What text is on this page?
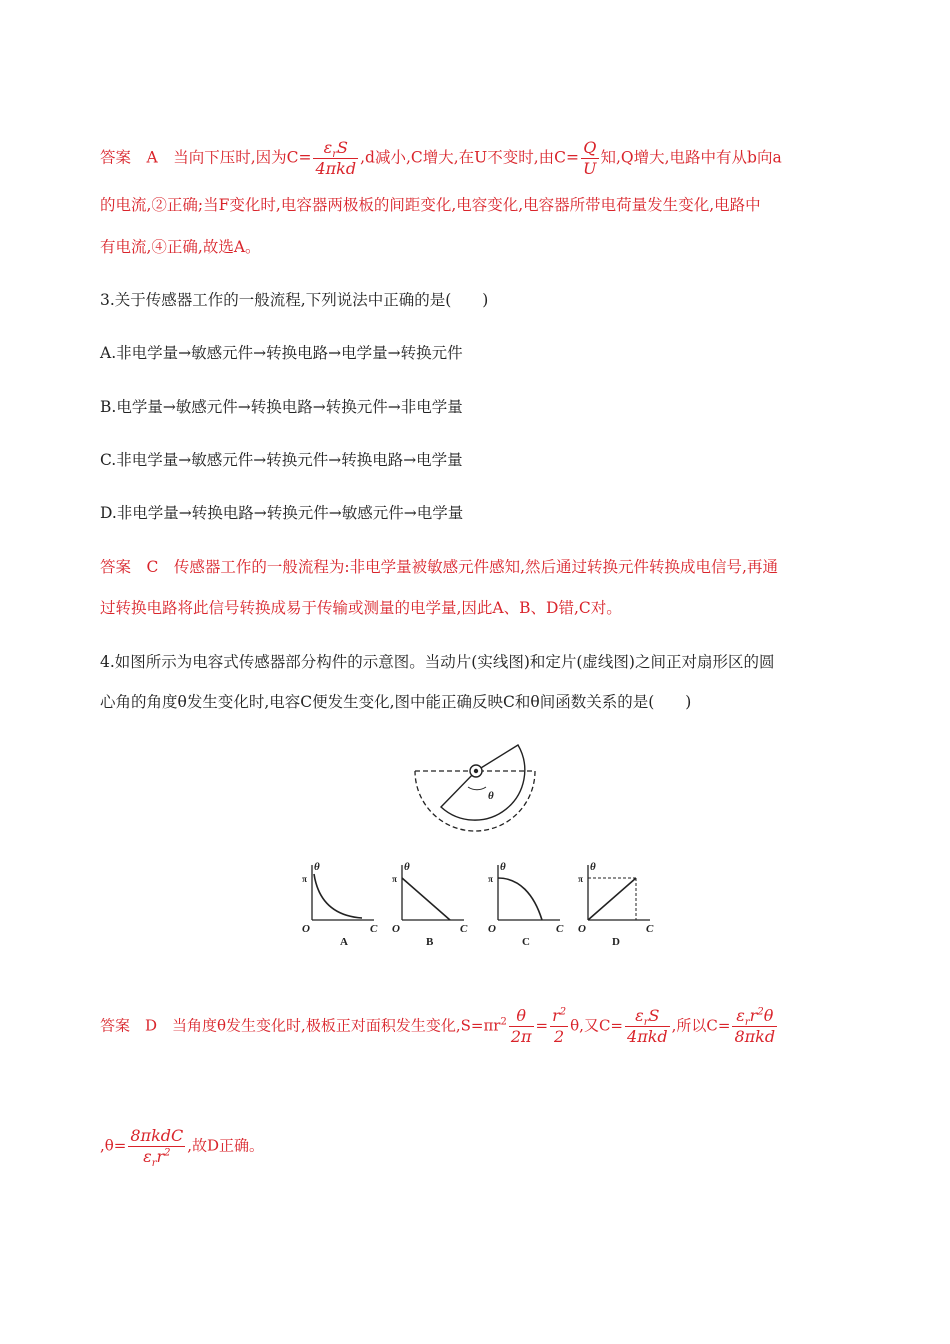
答案　A　当向下压时,因为$C= \frac{\varepsilon_rS}{\text{4πkd}} ,d$减小,C增大,在U不变时,由$C= \frac{Q}{U}$ 知,Q增大,电路中有从b向a
的电流,②正确;当F变化时,电容器两极板的间距变化,电容变化,电容器所带电荷量发生变化,电路中
有电流,④正确,故选A。
3.关于传感器工作的一般流程,下列说法中正确的是(　　)
A.非电学量→敏感元件→转换电路→电学量→转换元件
B.电学量→敏感元件→转换电路→转换元件→非电学量
C.非电学量→敏感元件→转换元件→转换电路→电学量
D.非电学量→转换电路→转换元件→敏感元件→电学量
答案　C　传感器工作的一般流程为:非电学量被敏感元件感知,然后通过转换元件转换成电信号,再通
过转换电路将此信号转换成易于传输或测量的电学量,因此A、B、D错,C对。
4.如图所示为电容式传感器部分构件的示意图。当动片(实线图)和定片(虚线图)之间正对扇形区的圆
心角的角度θ发生变化时,电容C便发生变化,图中能正确反映C和θ间函数关系的是(　　)
θ
θ
π
O	C
A
θ
π
O	C
B
θ
π
O	C
C
θ
π
O	C
D
答案　D　当角度θ发生变化时,极板正对面积发生变化$,S=\pi r^2 \frac{\theta}{2\pi} = \frac{r^2}{2} \theta$,又$C= \frac{\varepsilon_rS}{\text{4πkd}}$ ,所以$C= \frac{\varepsilon_rr^2\theta}{\text{8πkd}}$
$,\theta= \frac{\text{8πkdC}}{\varepsilon_rr^2}$ ,故D正确。
